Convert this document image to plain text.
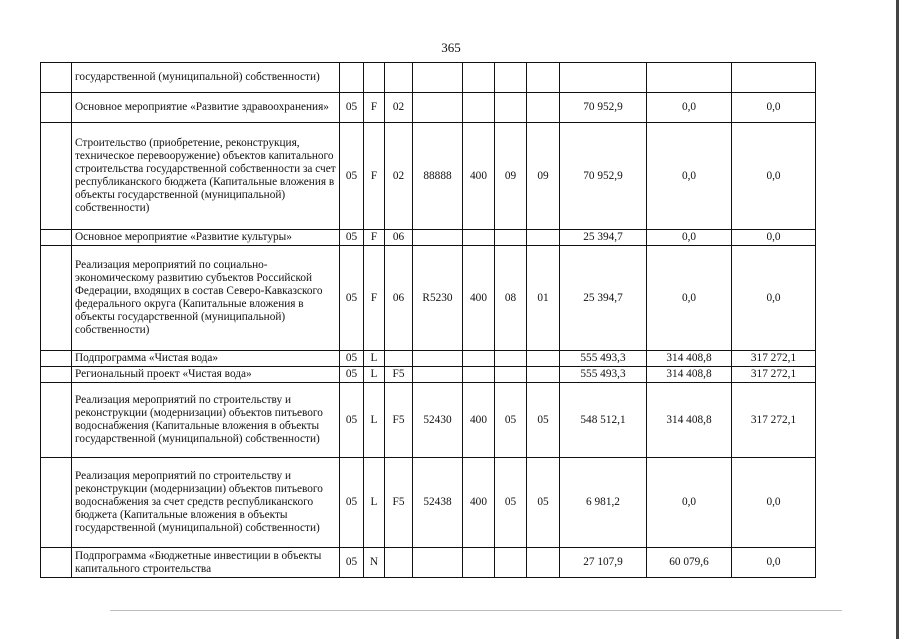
365
	государственной (муниципальной) собственности)										
	Основное мероприятие «Развитие здравоохранения»	05	F	02					70 952,9	0,0	0,0
	Строительство (приобретение, реконструкция, техническое перевооружение) объектов капитального строительства государственной собственности за счет республиканского бюджета (Капитальные вложения в объекты государственной (муниципальной) собственности)	05	F	02	88888	400	09	09	70 952,9	0,0	0,0
	Основное мероприятие «Развитие культуры»	05	F	06					25 394,7	0,0	0,0
	Реализация мероприятий по социально-экономическому развитию субъектов Российской Федерации, входящих в состав Северо-Кавказского федерального округа (Капитальные вложения в объекты государственной (муниципальной) собственности)	05	F	06	R5230	400	08	01	25 394,7	0,0	0,0
	Подпрограмма «Чистая вода»	05	L						555 493,3	314 408,8	317 272,1
	Региональный проект «Чистая вода»	05	L	F5					555 493,3	314 408,8	317 272,1
	Реализация мероприятий по строительству и реконструкции (модернизации) объектов питьевого водоснабжения (Капитальные вложения в объекты государственной (муниципальной) собственности)	05	L	F5	52430	400	05	05	548 512,1	314 408,8	317 272,1
	Реализация мероприятий по строительству и реконструкции (модернизации) объектов питьевого водоснабжения за счет средств республиканского бюджета (Капитальные вложения в объекты государственной (муниципальной) собственности)	05	L	F5	52438	400	05	05	6 981,2	0,0	0,0
	Подпрограмма «Бюджетные инвестиции в объекты капитального строительства	05	N						27 107,9	60 079,6	0,0
